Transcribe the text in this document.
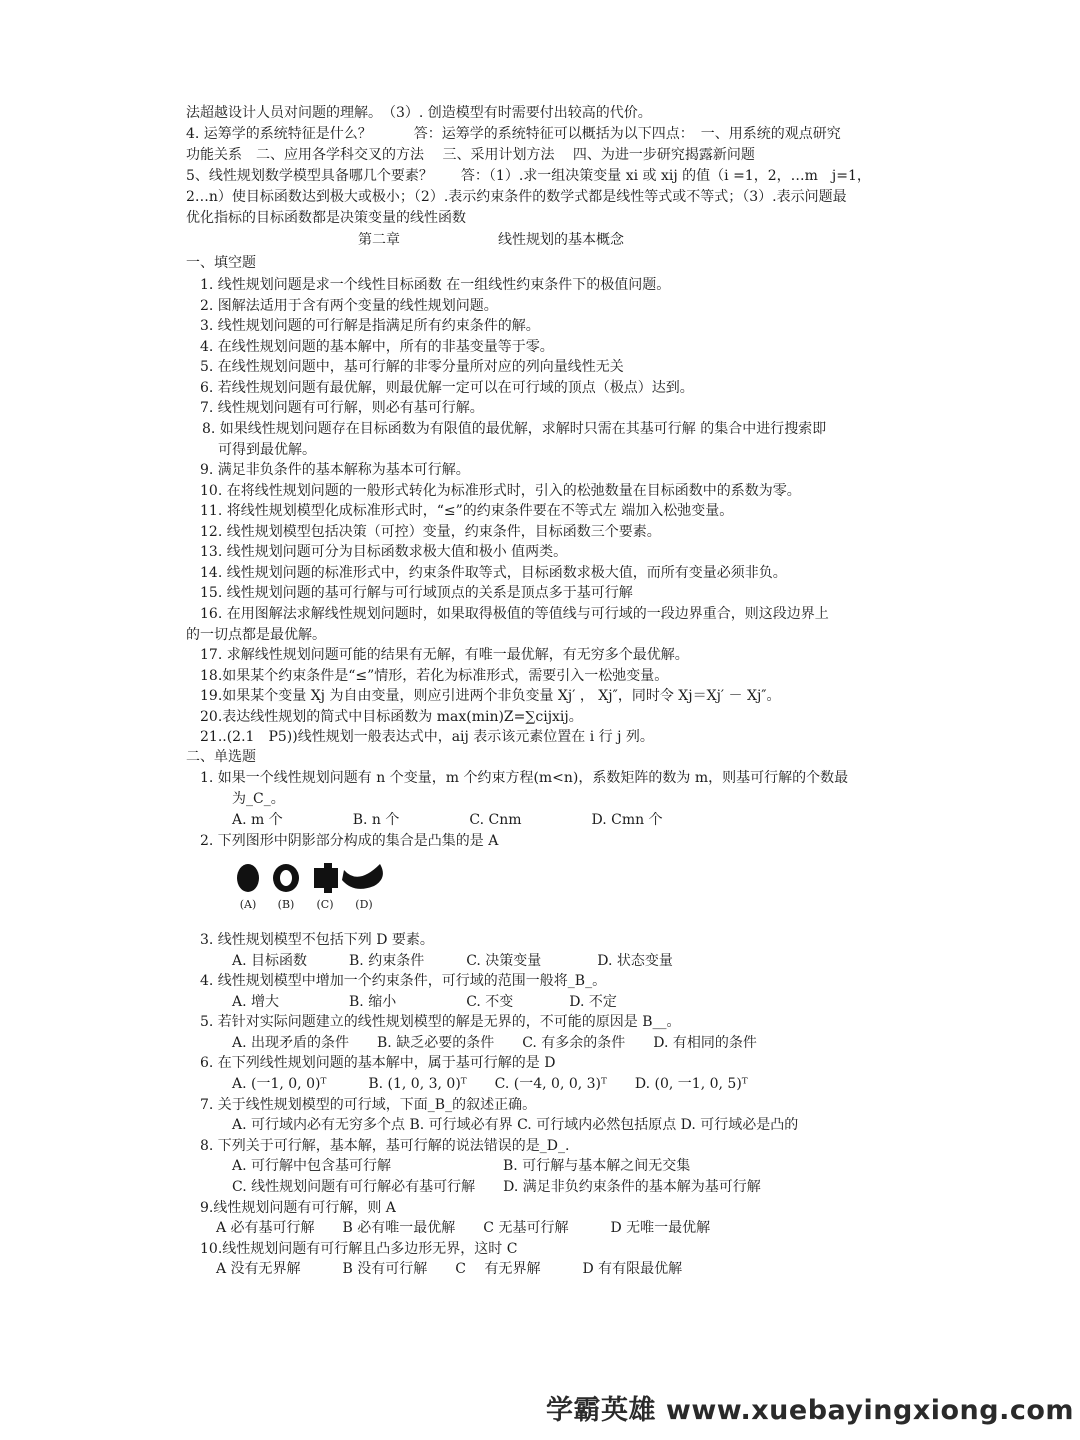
法超越设计人员对问题的理解。　（3）. 创造模型有时需要付出较高的代价。
4. 运筹学的系统特征是什么？　　　答：运筹学的系统特征可以概括为以下四点：　一、用系统的观点研究
功能关系　二、应用各学科交叉的方法　 三、采用计划方法　 四、为进一步研究揭露新问题
5、线性规划数学模型具备哪几个要素？　　答：（1）.求一组决策变量 xi 或 xij 的值（i =1，2，…m　j=1，
2…n）使目标函数达到极大或极小；（2）.表示约束条件的数学式都是线性等式或不等式；（3）.表示问题最
优化指标的目标函数都是决策变量的线性函数
第二章　　　　　　　线性规划的基本概念
一、填空题
1. 线性规划问题是求一个线性目标函数 在一组线性约束条件下的极值问题。
2. 图解法适用于含有两个变量的线性规划问题。
3. 线性规划问题的可行解是指满足所有约束条件的解。
4. 在线性规划问题的基本解中，所有的非基变量等于零。
5. 在线性规划问题中，基可行解的非零分量所对应的列向量线性无关
6. 若线性规划问题有最优解，则最优解一定可以在可行域的顶点（极点）达到。
7. 线性规划问题有可行解，则必有基可行解。
8. 如果线性规划问题存在目标函数为有限值的最优解，求解时只需在其基可行解 的集合中进行搜索即
可得到最优解。
9. 满足非负条件的基本解称为基本可行解。
10. 在将线性规划问题的一般形式转化为标准形式时，引入的松弛数量在目标函数中的系数为零。
11. 将线性规划模型化成标准形式时，“≤”的约束条件要在不等式左 端加入松弛变量。
12. 线性规划模型包括决策（可控）变量，约束条件，目标函数三个要素。
13. 线性规划问题可分为目标函数求极大值和极小 值两类。
14. 线性规划问题的标准形式中，约束条件取等式，目标函数求极大值，而所有变量必须非负。
15. 线性规划问题的基可行解与可行域顶点的关系是顶点多于基可行解
16. 在用图解法求解线性规划问题时，如果取得极值的等值线与可行域的一段边界重合，则这段边界上
的一切点都是最优解。
17. 求解线性规划问题可能的结果有无解，有唯一最优解，有无穷多个最优解。
18.如果某个约束条件是“≤”情形，若化为标准形式，需要引入一松弛变量。
19.如果某个变量 Xj 为自由变量，则应引进两个非负变量 Xj′ ， Xj″，同时令 Xj＝Xj′ － Xj″。
20.表达线性规划的简式中目标函数为 max(min)Z=∑cijxij。
21..(2.1　P5))线性规划一般表达式中，aij 表示该元素位置在 i 行 j 列。
二、单选题
1. 如果一个线性规划问题有 n 个变量，m 个约束方程(m<n)，系数矩阵的数为 m，则基可行解的个数最
为_C_。
A. m 个　　　　　B. n 个　　　　　C. Cnm　　　　　D. Cmn 个
2. 下列图形中阴影部分构成的集合是凸集的是 A
(A) (B) (C) (D)
3. 线性规划模型不包括下列 D 要素。
A. 目标函数　　　B. 约束条件　　　C. 决策变量　　　　D. 状态变量
4. 线性规划模型中增加一个约束条件，可行域的范围一般将_B_。
A. 增大　　　　　B. 缩小　　　　　C. 不变　　　　D. 不定
5. 若针对实际问题建立的线性规划模型的解是无界的，不可能的原因是 B__。
A. 出现矛盾的条件　　B. 缺乏必要的条件　　C. 有多余的条件　　D. 有相同的条件
6. 在下列线性规划问题的基本解中，属于基可行解的是 D
A. (一1, 0, 0)ᵀ　　　B. (1, 0, 3, 0)ᵀ　　C. (一4, 0, 0, 3)ᵀ　　D. (0, 一1, 0, 5)ᵀ
7. 关于线性规划模型的可行域，下面_B_的叙述正确。
A. 可行域内必有无穷多个点 B. 可行域必有界 C. 可行域内必然包括原点 D. 可行域必是凸的
8. 下列关于可行解，基本解，基可行解的说法错误的是_D_.
A. 可行解中包含基可行解　　　　　　　　B. 可行解与基本解之间无交集
C. 线性规划问题有可行解必有基可行解　　D. 满足非负约束条件的基本解为基可行解
9.线性规划问题有可行解，则 A
A 必有基可行解　　B 必有唯一最优解　　C 无基可行解　　　D 无唯一最优解
10.线性规划问题有可行解且凸多边形无界，这时 C
A 没有无界解　　　B 没有可行解　　C　 有无界解　　　D 有有限最优解
学霸英雄 www.xuebayingxiong.com
